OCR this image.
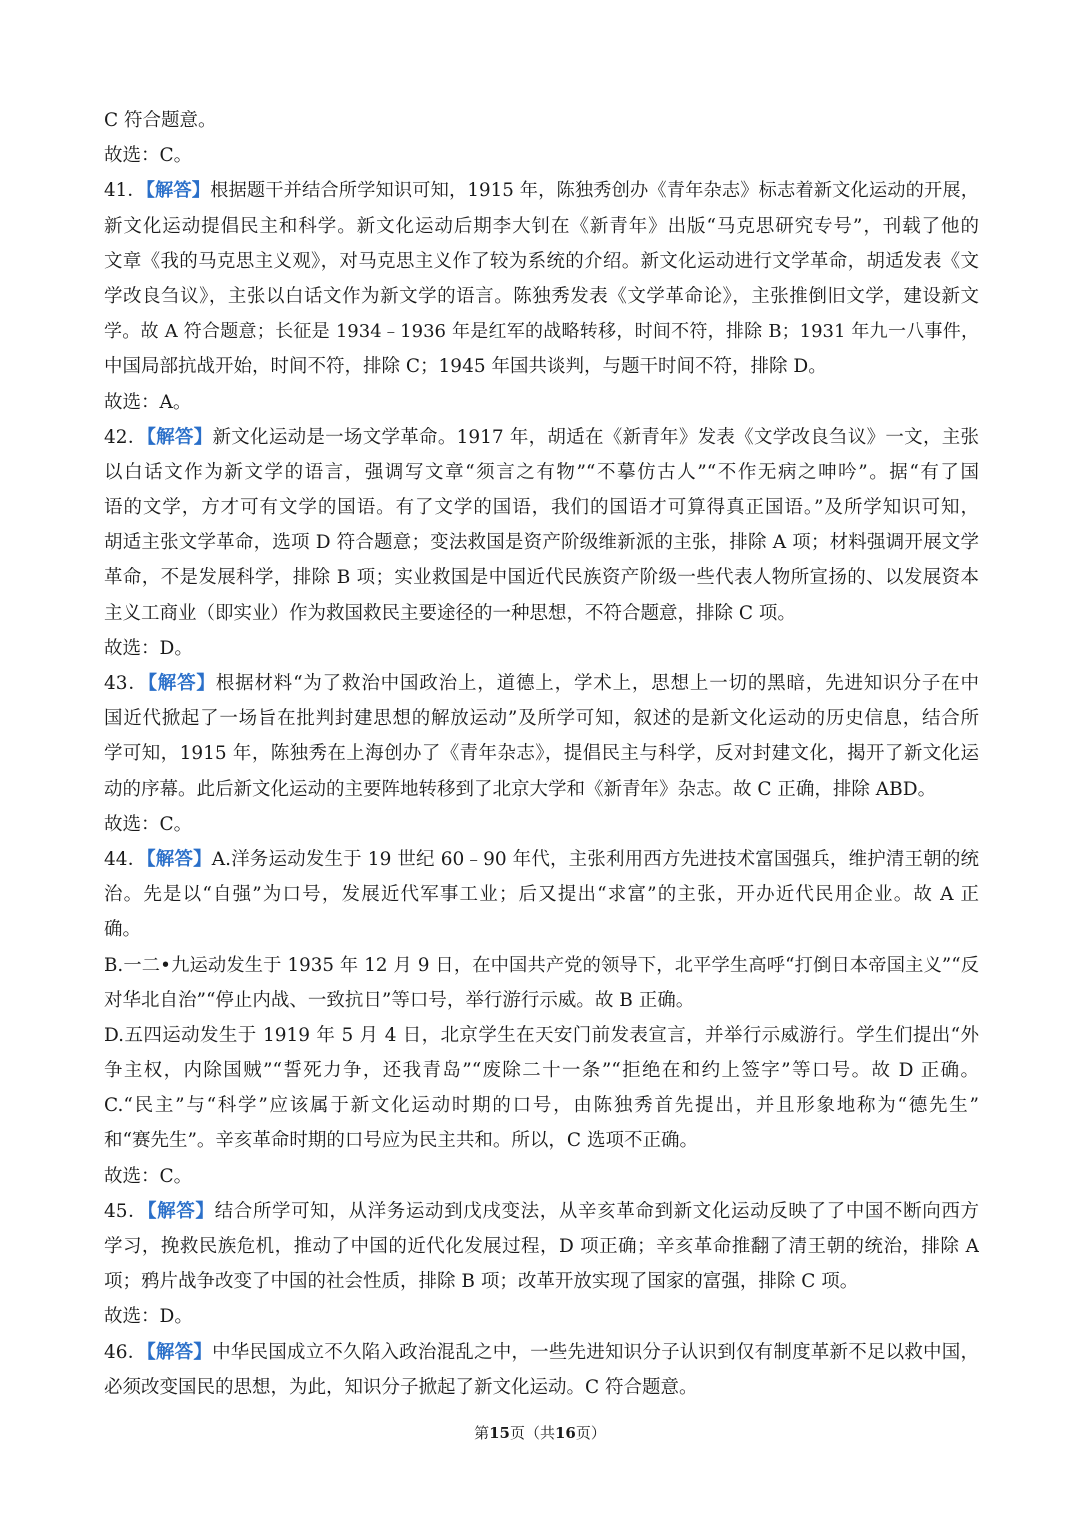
C 符合题意。
故选：C。
41．【解答】根据题干并结合所学知识可知，1915 年，陈独秀创办《青年杂志》标志着新文化运动的开展，
新文化运动提倡民主和科学。新文化运动后期李大钊在《新青年》出版“马克思研究专号”，刊载了他的
文章《我的马克思主义观》，对马克思主义作了较为系统的介绍。新文化运动进行文学革命，胡适发表《文
学改良刍议》，主张以白话文作为新文学的语言。陈独秀发表《文学革命论》，主张推倒旧文学，建设新文
学。故 A 符合题意；长征是 1934﹣1936 年是红军的战略转移，时间不符，排除 B；1931 年九一八事件，
中国局部抗战开始，时间不符，排除 C；1945 年国共谈判，与题干时间不符，排除 D。
故选：A。
42．【解答】新文化运动是一场文学革命。1917 年，胡适在《新青年》发表《文学改良刍议》一文，主张
以白话文作为新文学的语言，强调写文章“须言之有物”“不摹仿古人”“不作无病之呻吟”。据“有了国
语的文学，方才可有文学的国语。有了文学的国语，我们的国语才可算得真正国语。”及所学知识可知，
胡适主张文学革命，选项 D 符合题意；变法救国是资产阶级维新派的主张，排除 A 项；材料强调开展文学
革命，不是发展科学，排除 B 项；实业救国是中国近代民族资产阶级一些代表人物所宣扬的、以发展资本
主义工商业（即实业）作为救国救民主要途径的一种思想，不符合题意，排除 C 项。
故选：D。
43．【解答】根据材料“为了救治中国政治上，道德上，学术上，思想上一切的黑暗，先进知识分子在中
国近代掀起了一场旨在批判封建思想的解放运动”及所学可知，叙述的是新文化运动的历史信息，结合所
学可知，1915 年，陈独秀在上海创办了《青年杂志》，提倡民主与科学，反对封建文化，揭开了新文化运
动的序幕。此后新文化运动的主要阵地转移到了北京大学和《新青年》杂志。故 C 正确，排除 ABD。
故选：C。
44．【解答】A.洋务运动发生于 19 世纪 60﹣90 年代，主张利用西方先进技术富国强兵，维护清王朝的统
治。先是以“自强”为口号，发展近代军事工业；后又提出“求富”的主张，开办近代民用企业。故 A 正
确。
B.一二•九运动发生于 1935 年 12 月 9 日，在中国共产党的领导下，北平学生高呼“打倒日本帝国主义”“反
对华北自治”“停止内战、一致抗日”等口号，举行游行示威。故 B 正确。
D.五四运动发生于 1919 年 5 月 4 日，北京学生在天安门前发表宣言，并举行示威游行。学生们提出“外
争主权，内除国贼”“誓死力争，还我青岛”“废除二十一条”“拒绝在和约上签字”等口号。故 D 正确。
C.“民主”与“科学”应该属于新文化运动时期的口号，由陈独秀首先提出，并且形象地称为“德先生”
和“赛先生”。辛亥革命时期的口号应为民主共和。所以，C 选项不正确。
故选：C。
45．【解答】结合所学可知，从洋务运动到戊戌变法，从辛亥革命到新文化运动反映了了中国不断向西方
学习，挽救民族危机，推动了中国的近代化发展过程，D 项正确；辛亥革命推翻了清王朝的统治，排除 A
项；鸦片战争改变了中国的社会性质，排除 B 项；改革开放实现了国家的富强，排除 C 项。
故选：D。
46．【解答】中华民国成立不久陷入政治混乱之中，一些先进知识分子认识到仅有制度革新不足以救中国，
必须改变国民的思想，为此，知识分子掀起了新文化运动。C 符合题意。
第15页（共16页）
